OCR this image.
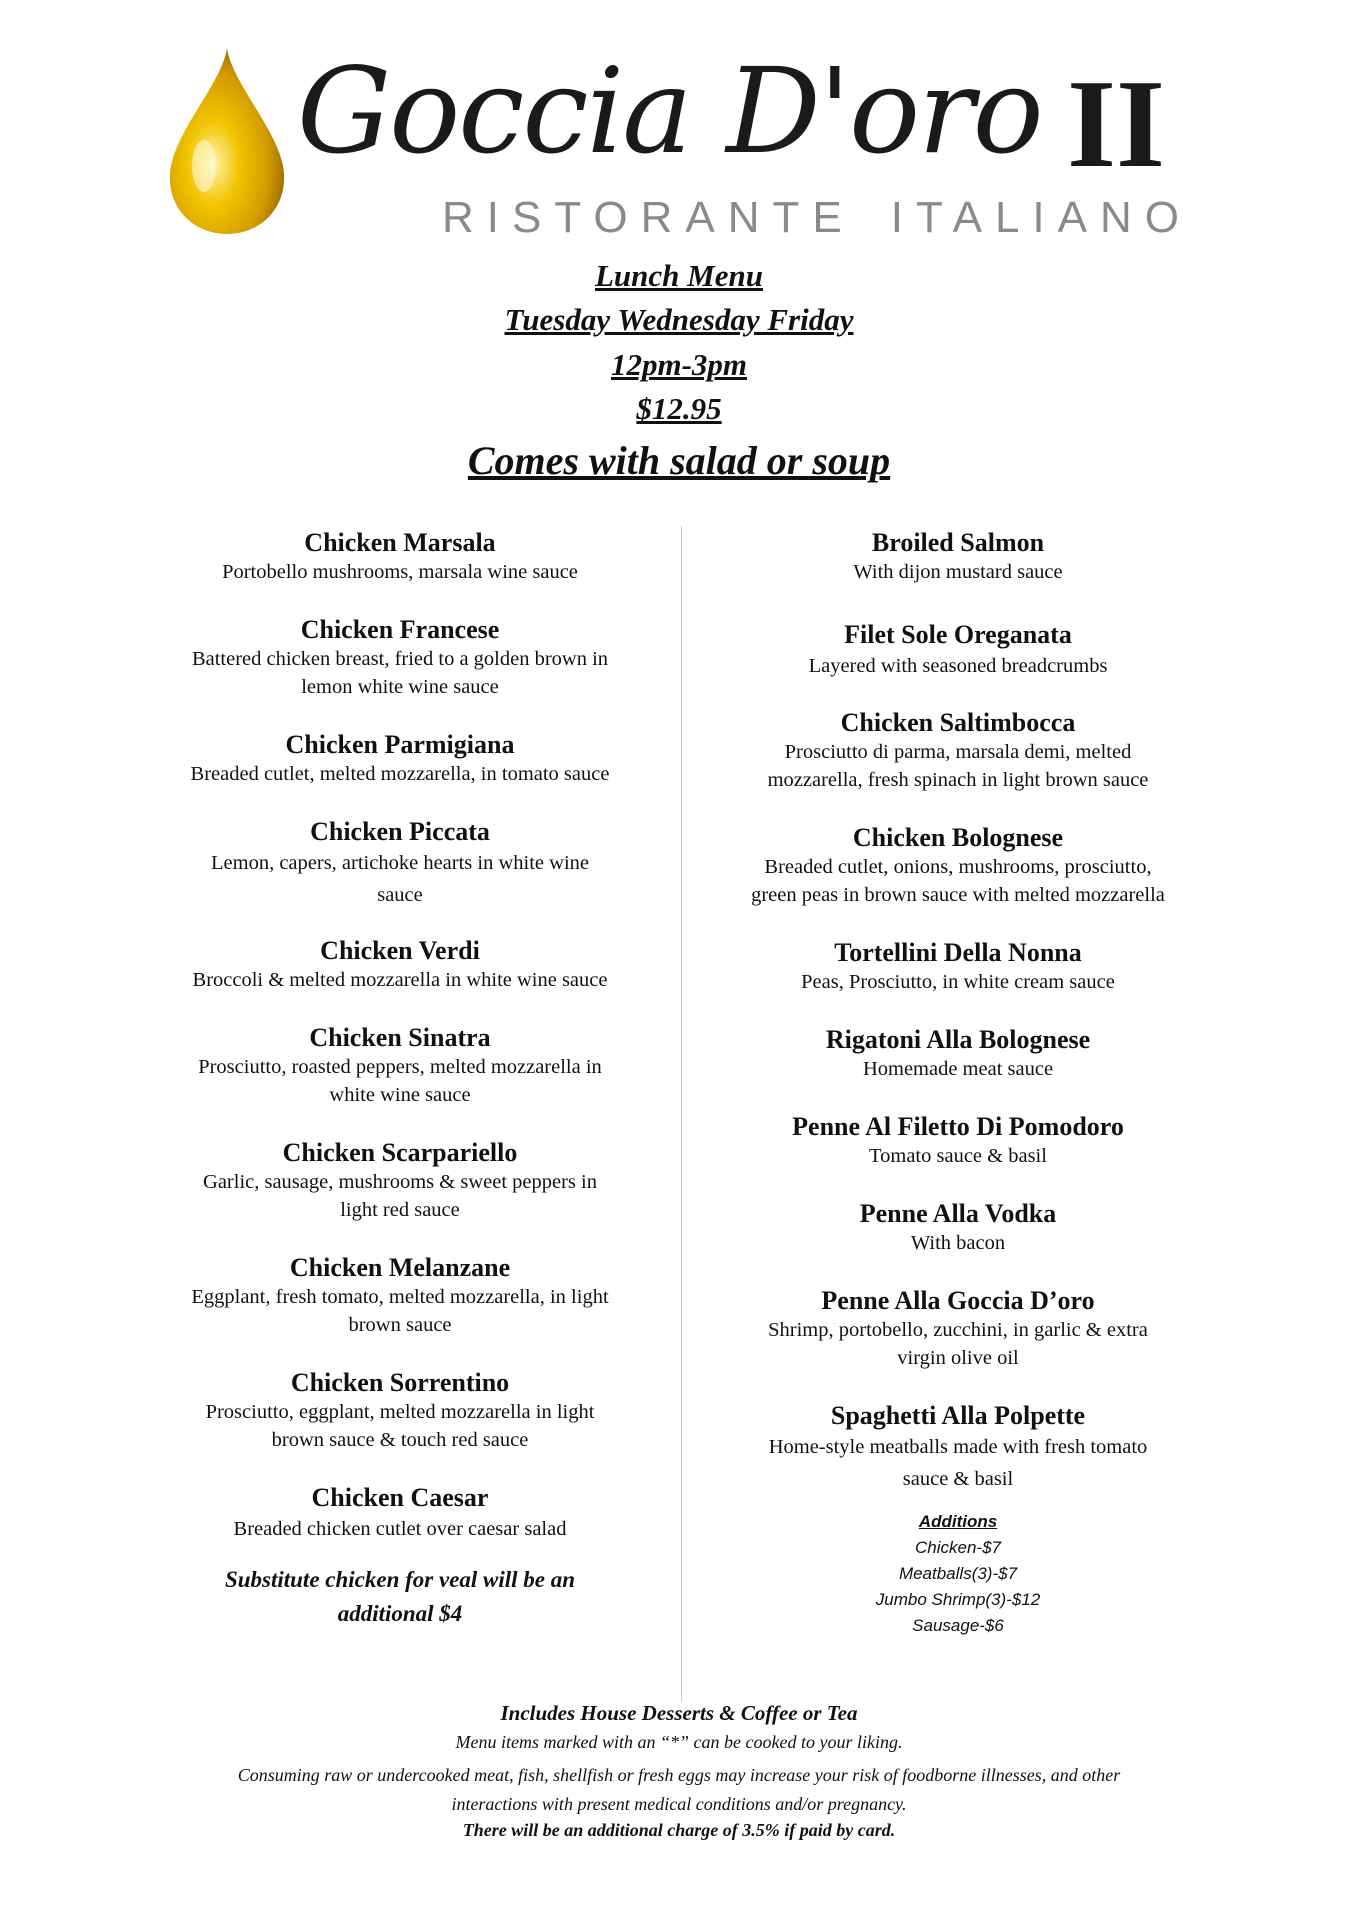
Goccia D'oro II
RISTORANTE ITALIANO
Lunch Menu
Tuesday Wednesday Friday
12pm-3pm
$12.95
Comes with salad or soup
Chicken Marsala
Portobello mushrooms, marsala wine sauce
Chicken Francese
Battered chicken breast, fried to a golden brown in
lemon white wine sauce
Chicken Parmigiana
Breaded cutlet, melted mozzarella, in tomato sauce
Chicken Piccata
Lemon, capers, artichoke hearts in white wine
sauce
Chicken Verdi
Broccoli & melted mozzarella in white wine sauce
Chicken Sinatra
Prosciutto, roasted peppers, melted mozzarella in
white wine sauce
Chicken Scarpariello
Garlic, sausage, mushrooms & sweet peppers in
light red sauce
Chicken Melanzane
Eggplant, fresh tomato, melted mozzarella, in light
brown sauce
Chicken Sorrentino
Prosciutto, eggplant, melted mozzarella in light
brown sauce & touch red sauce
Chicken Caesar
Breaded chicken cutlet over caesar salad
Substitute chicken for veal will be an
additional $4
Broiled Salmon
With dijon mustard sauce
Filet Sole Oreganata
Layered with seasoned breadcrumbs
Chicken Saltimbocca
Prosciutto di parma, marsala demi, melted
mozzarella, fresh spinach in light brown sauce
Chicken Bolognese
Breaded cutlet, onions, mushrooms, prosciutto,
green peas in brown sauce with melted mozzarella
Tortellini Della Nonna
Peas, Prosciutto, in white cream sauce
Rigatoni Alla Bolognese
Homemade meat sauce
Penne Al Filetto Di Pomodoro
Tomato sauce & basil
Penne Alla Vodka
With bacon
Penne Alla Goccia D’oro
Shrimp, portobello, zucchini, in garlic & extra
virgin olive oil
Spaghetti Alla Polpette
Home-style meatballs made with fresh tomato
sauce & basil
Additions
Chicken-$7
Meatballs(3)-$7
Jumbo Shrimp(3)-$12
Sausage-$6
Includes House Desserts & Coffee or Tea
Menu items marked with an “*” can be cooked to your liking.
Consuming raw or undercooked meat, fish, shellfish or fresh eggs may increase your risk of foodborne illnesses, and other
interactions with present medical conditions and/or pregnancy.
There will be an additional charge of 3.5% if paid by card.
